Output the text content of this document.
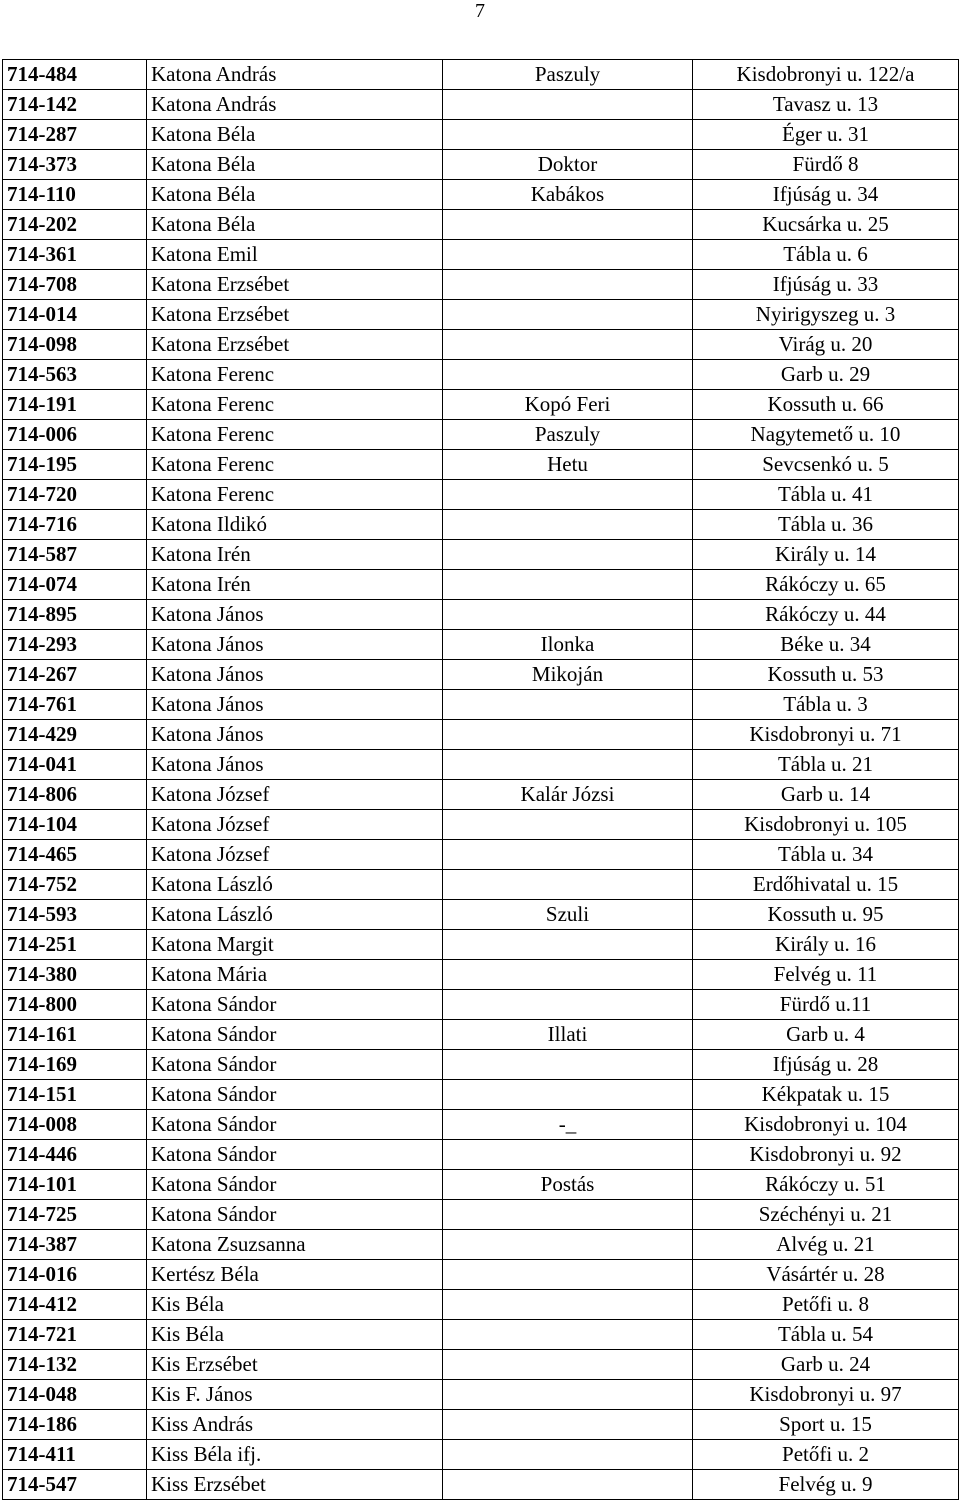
7
714-484	Katona András	Paszuly	Kisdobronyi u. 122/a
714-142	Katona András		Tavasz u. 13
714-287	Katona Béla		Éger u. 31
714-373	Katona Béla	Doktor	Fürdő 8
714-110	Katona Béla	Kabákos	Ifjúság u. 34
714-202	Katona Béla		Kucsárka u. 25
714-361	Katona Emil		Tábla u. 6
714-708	Katona Erzsébet		Ifjúság u. 33
714-014	Katona Erzsébet		Nyirigyszeg u. 3
714-098	Katona Erzsébet		Virág u. 20
714-563	Katona Ferenc		Garb u. 29
714-191	Katona Ferenc	Kopó Feri	Kossuth u. 66
714-006	Katona Ferenc	Paszuly	Nagytemető u. 10
714-195	Katona Ferenc	Hetu	Sevcsenkó u. 5
714-720	Katona Ferenc		Tábla u. 41
714-716	Katona Ildikó		Tábla u. 36
714-587	Katona Irén		Király u. 14
714-074	Katona Irén		Rákóczy u. 65
714-895	Katona János		Rákóczy u. 44
714-293	Katona János	Ilonka	Béke u. 34
714-267	Katona János	Mikoján	Kossuth u. 53
714-761	Katona János		Tábla u. 3
714-429	Katona János		Kisdobronyi u. 71
714-041	Katona János		Tábla u. 21
714-806	Katona József	Kalár Józsi	Garb u. 14
714-104	Katona József		Kisdobronyi u. 105
714-465	Katona József		Tábla u. 34
714-752	Katona László		Erdőhivatal u. 15
714-593	Katona László	Szuli	Kossuth u. 95
714-251	Katona Margit		Király u. 16
714-380	Katona Mária		Felvég u. 11
714-800	Katona Sándor		Fürdő u.11
714-161	Katona Sándor	Illati	Garb u. 4
714-169	Katona Sándor		Ifjúság u. 28
714-151	Katona Sándor		Kékpatak u. 15
714-008	Katona Sándor	-_	Kisdobronyi u. 104
714-446	Katona Sándor		Kisdobronyi u. 92
714-101	Katona Sándor	Postás	Rákóczy u. 51
714-725	Katona Sándor		Széchényi u. 21
714-387	Katona Zsuzsanna		Alvég u. 21
714-016	Kertész Béla		Vásártér u. 28
714-412	Kis Béla		Petőfi u. 8
714-721	Kis Béla		Tábla u. 54
714-132	Kis Erzsébet		Garb u. 24
714-048	Kis F. János		Kisdobronyi u. 97
714-186	Kiss András		Sport u. 15
714-411	Kiss Béla ifj.		Petőfi u. 2
714-547	Kiss Erzsébet		Felvég u. 9
